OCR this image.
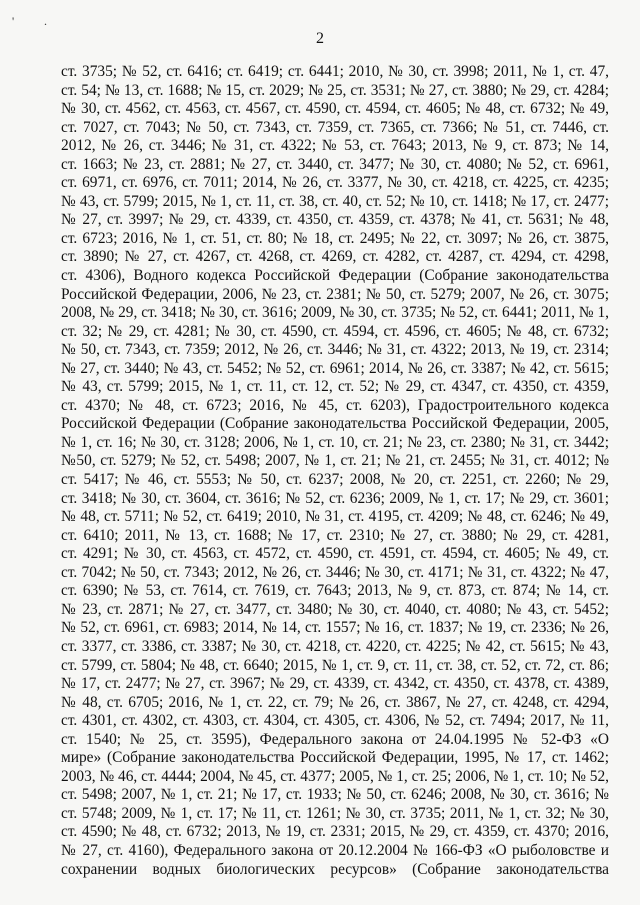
' .
2
ст. 3735; № 52, ст. 6416; ст. 6419; ст. 6441; 2010, № 30, ст. 3998; 2011, № 1, ст. 47,
ст. 54; № 13, ст. 1688; № 15, ст. 2029; № 25, ст. 3531; № 27, ст. 3880; № 29, ст. 4284;
№ 30, ст. 4562, ст. 4563, ст. 4567, ст. 4590, ст. 4594, ст. 4605; № 48, ст. 6732; № 49,
ст. 7027, ст. 7043; № 50, ст. 7343, ст. 7359, ст. 7365, ст. 7366; № 51, ст. 7446, ст.
2012, № 26, ст. 3446; № 31, ст. 4322; № 53, ст. 7643; 2013, № 9, ст. 873; № 14,
ст. 1663; № 23, ст. 2881; № 27, ст. 3440, ст. 3477; № 30, ст. 4080; № 52, ст. 6961,
ст. 6971, ст. 6976, ст. 7011; 2014, № 26, ст. 3377, № 30, ст. 4218, ст. 4225, ст. 4235;
№ 43, ст. 5799; 2015, № 1, ст. 11, ст. 38, ст. 40, ст. 52; № 10, ст. 1418; № 17, ст. 2477;
№ 27, ст. 3997; № 29, ст. 4339, ст. 4350, ст. 4359, ст. 4378; № 41, ст. 5631; № 48,
ст. 6723; 2016, № 1, ст. 51, ст. 80; № 18, ст. 2495; № 22, ст. 3097; № 26, ст. 3875,
ст. 3890; № 27, ст. 4267, ст. 4268, ст. 4269, ст. 4282, ст. 4287, ст. 4294, ст. 4298,
ст. 4306), Водного кодекса Российской Федерации (Собрание законодательства
Российской Федерации, 2006, № 23, ст. 2381; № 50, ст. 5279; 2007, № 26, ст. 3075;
2008, № 29, ст. 3418; № 30, ст. 3616; 2009, № 30, ст. 3735; № 52, ст. 6441; 2011, № 1,
ст. 32; № 29, ст. 4281; № 30, ст. 4590, ст. 4594, ст. 4596, ст. 4605; № 48, ст. 6732;
№ 50, ст. 7343, ст. 7359; 2012, № 26, ст. 3446; № 31, ст. 4322; 2013, № 19, ст. 2314;
№ 27, ст. 3440; № 43, ст. 5452; № 52, ст. 6961; 2014, № 26, ст. 3387; № 42, ст. 5615;
№ 43, ст. 5799; 2015, № 1, ст. 11, ст. 12, ст. 52; № 29, ст. 4347, ст. 4350, ст. 4359,
ст. 4370; № 48, ст. 6723; 2016, № 45, ст. 6203), Градостроительного кодекса
Российской Федерации (Собрание законодательства Российской Федерации, 2005,
№ 1, ст. 16; № 30, ст. 3128; 2006, № 1, ст. 10, ст. 21; № 23, ст. 2380; № 31, ст. 3442;
№50, ст. 5279; № 52, ст. 5498; 2007, № 1, ст. 21; № 21, ст. 2455; № 31, ст. 4012; №
ст. 5417; № 46, ст. 5553; № 50, ст. 6237; 2008, № 20, ст. 2251, ст. 2260; № 29,
ст. 3418; № 30, ст. 3604, ст. 3616; № 52, ст. 6236; 2009, № 1, ст. 17; № 29, ст. 3601;
№ 48, ст. 5711; № 52, ст. 6419; 2010, № 31, ст. 4195, ст. 4209; № 48, ст. 6246; № 49,
ст. 6410; 2011, № 13, ст. 1688; № 17, ст. 2310; № 27, ст. 3880; № 29, ст. 4281,
ст. 4291; № 30, ст. 4563, ст. 4572, ст. 4590, ст. 4591, ст. 4594, ст. 4605; № 49, ст.
ст. 7042; № 50, ст. 7343; 2012, № 26, ст. 3446; № 30, ст. 4171; № 31, ст. 4322; № 47,
ст. 6390; № 53, ст. 7614, ст. 7619, ст. 7643; 2013, № 9, ст. 873, ст. 874; № 14, ст.
№ 23, ст. 2871; № 27, ст. 3477, ст. 3480; № 30, ст. 4040, ст. 4080; № 43, ст. 5452;
№ 52, ст. 6961, ст. 6983; 2014, № 14, ст. 1557; № 16, ст. 1837; № 19, ст. 2336; № 26,
ст. 3377, ст. 3386, ст. 3387; № 30, ст. 4218, ст. 4220, ст. 4225; № 42, ст. 5615; № 43,
ст. 5799, ст. 5804; № 48, ст. 6640; 2015, № 1, ст. 9, ст. 11, ст. 38, ст. 52, ст. 72, ст. 86;
№ 17, ст. 2477; № 27, ст. 3967; № 29, ст. 4339, ст. 4342, ст. 4350, ст. 4378, ст. 4389,
№ 48, ст. 6705; 2016, № 1, ст. 22, ст. 79; № 26, ст. 3867, № 27, ст. 4248, ст. 4294,
ст. 4301, ст. 4302, ст. 4303, ст. 4304, ст. 4305, ст. 4306, № 52, ст. 7494; 2017, № 11,
ст. 1540; № 25, ст. 3595), Федерального закона от 24.04.1995 № 52-ФЗ «О
мире» (Собрание законодательства Российской Федерации, 1995, № 17, ст. 1462;
2003, № 46, ст. 4444; 2004, № 45, ст. 4377; 2005, № 1, ст. 25; 2006, № 1, ст. 10; № 52,
ст. 5498; 2007, № 1, ст. 21; № 17, ст. 1933; № 50, ст. 6246; 2008, № 30, ст. 3616; №
ст. 5748; 2009, № 1, ст. 17; № 11, ст. 1261; № 30, ст. 3735; 2011, № 1, ст. 32; № 30,
ст. 4590; № 48, ст. 6732; 2013, № 19, ст. 2331; 2015, № 29, ст. 4359, ст. 4370; 2016,
№ 27, ст. 4160), Федерального закона от 20.12.2004 № 166-ФЗ «О рыболовстве и
сохранении водных биологических ресурсов» (Собрание законодательства
